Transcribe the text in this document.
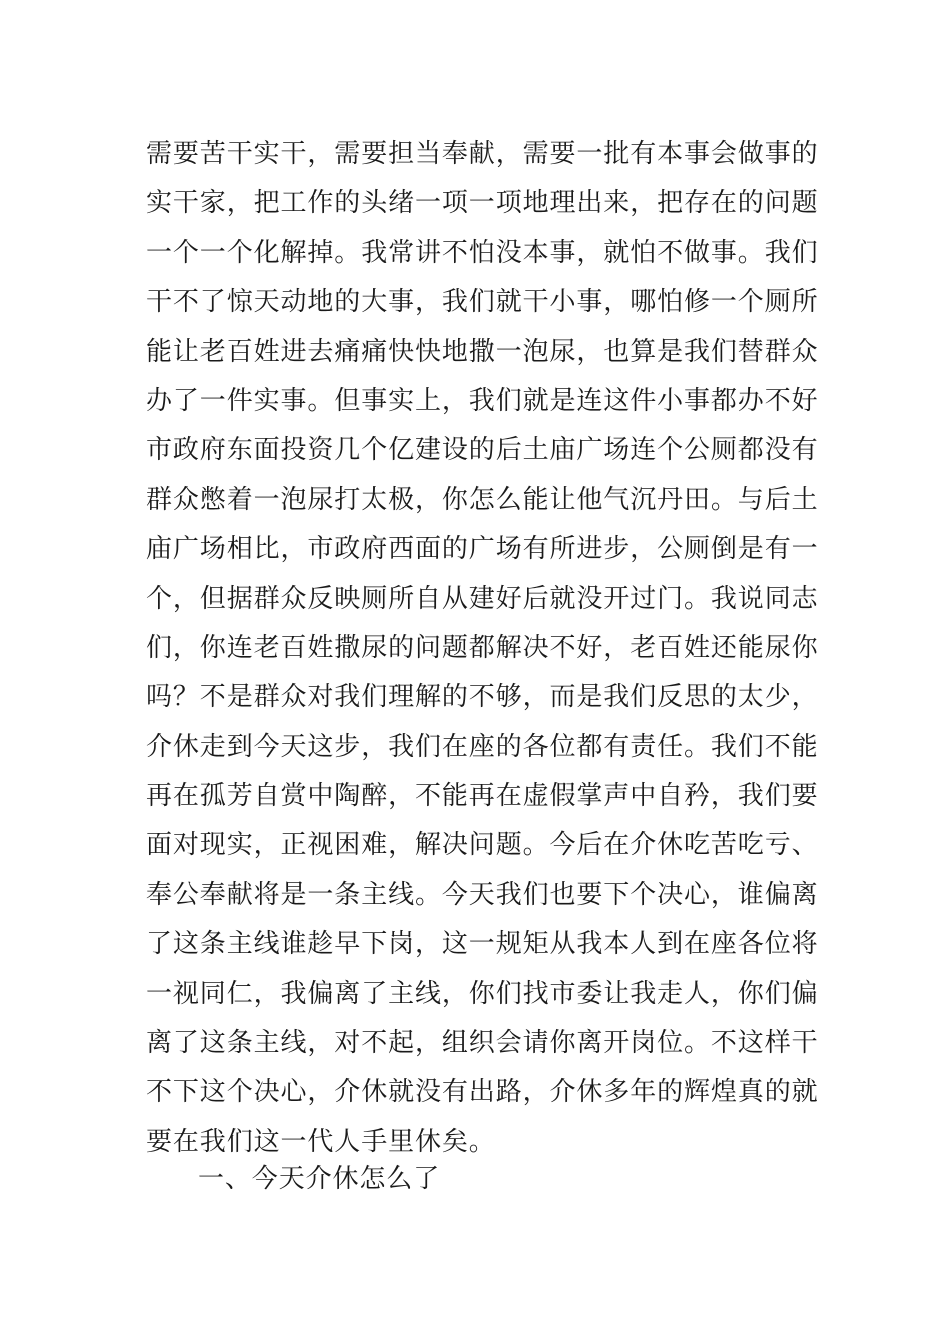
需要苦干实干，需要担当奉献，需要一批有本事会做事的
实干家，把工作的头绪一项一项地理出来，把存在的问题
一个一个化解掉。我常讲不怕没本事，就怕不做事。我们
干不了惊天动地的大事，我们就干小事，哪怕修一个厕所
能让老百姓进去痛痛快快地撒一泡尿，也算是我们替群众
办了一件实事。但事实上，我们就是连这件小事都办不好
市政府东面投资几个亿建设的后土庙广场连个公厕都没有
群众憋着一泡尿打太极，你怎么能让他气沉丹田。与后土
庙广场相比，市政府西面的广场有所进步，公厕倒是有一
个，但据群众反映厕所自从建好后就没开过门。我说同志
们，你连老百姓撒尿的问题都解决不好，老百姓还能尿你
吗？不是群众对我们理解的不够，而是我们反思的太少，
介休走到今天这步，我们在座的各位都有责任。我们不能
再在孤芳自赏中陶醉，不能再在虚假掌声中自矜，我们要
面对现实，正视困难，解决问题。今后在介休吃苦吃亏、
奉公奉献将是一条主线。今天我们也要下个决心，谁偏离
了这条主线谁趁早下岗，这一规矩从我本人到在座各位将
一视同仁，我偏离了主线，你们找市委让我走人，你们偏
离了这条主线，对不起，组织会请你离开岗位。不这样干
不下这个决心，介休就没有出路，介休多年的辉煌真的就
要在我们这一代人手里休矣。
一、今天介休怎么了
